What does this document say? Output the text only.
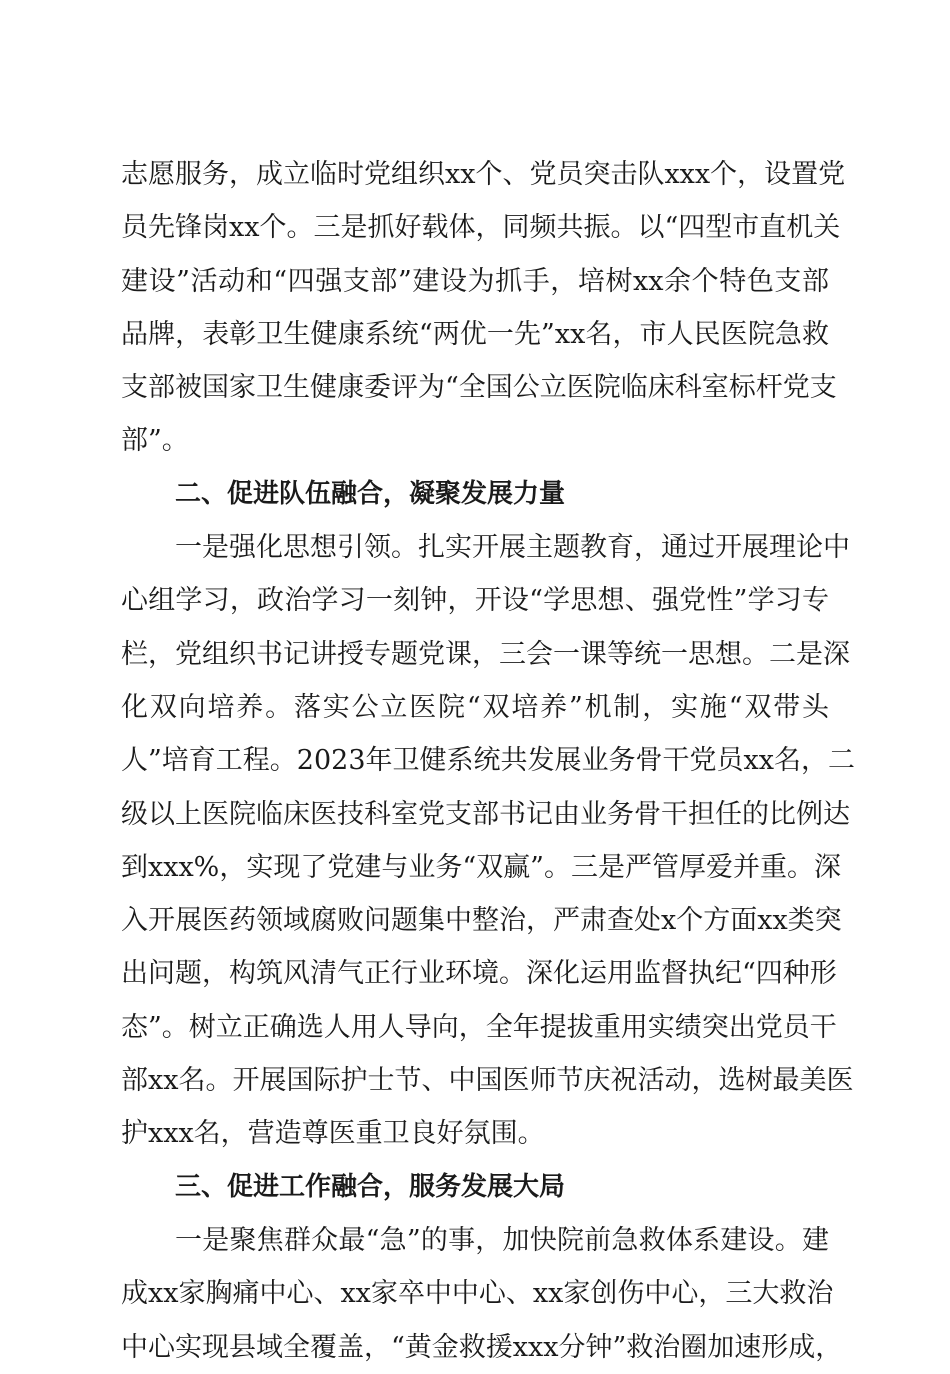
志愿服务，成立临时党组织xx个、党员突击队xxx个，设置党
员先锋岗xx个。三是抓好载体，同频共振。以“四型市直机关
建设”活动和“四强支部”建设为抓手，培树xx余个特色支部
品牌，表彰卫生健康系统“两优一先”xx名，市人民医院急救
支部被国家卫生健康委评为“全国公立医院临床科室标杆党支
部”。
二、促进队伍融合，凝聚发展力量
一是强化思想引领。扎实开展主题教育，通过开展理论中
心组学习，政治学习一刻钟，开设“学思想、强党性”学习专
栏，党组织书记讲授专题党课，三会一课等统一思想。二是深
化双向培养。落实公立医院“双培养”机制，实施“双带头
人”培育工程。2023年卫健系统共发展业务骨干党员xx名，二
级以上医院临床医技科室党支部书记由业务骨干担任的比例达
到xxx%，实现了党建与业务“双赢”。三是严管厚爱并重。深
入开展医药领域腐败问题集中整治，严肃查处x个方面xx类突
出问题，构筑风清气正行业环境。深化运用监督执纪“四种形
态”。树立正确选人用人导向，全年提拔重用实绩突出党员干
部xx名。开展国际护士节、中国医师节庆祝活动，选树最美医
护xxx名，营造尊医重卫良好氛围。
三、促进工作融合，服务发展大局
一是聚焦群众最“急”的事，加快院前急救体系建设。建
成xx家胸痛中心、xx家卒中中心、xx家创伤中心，三大救治
中心实现县域全覆盖，“黄金救援xxx分钟”救治圈加速形成，
